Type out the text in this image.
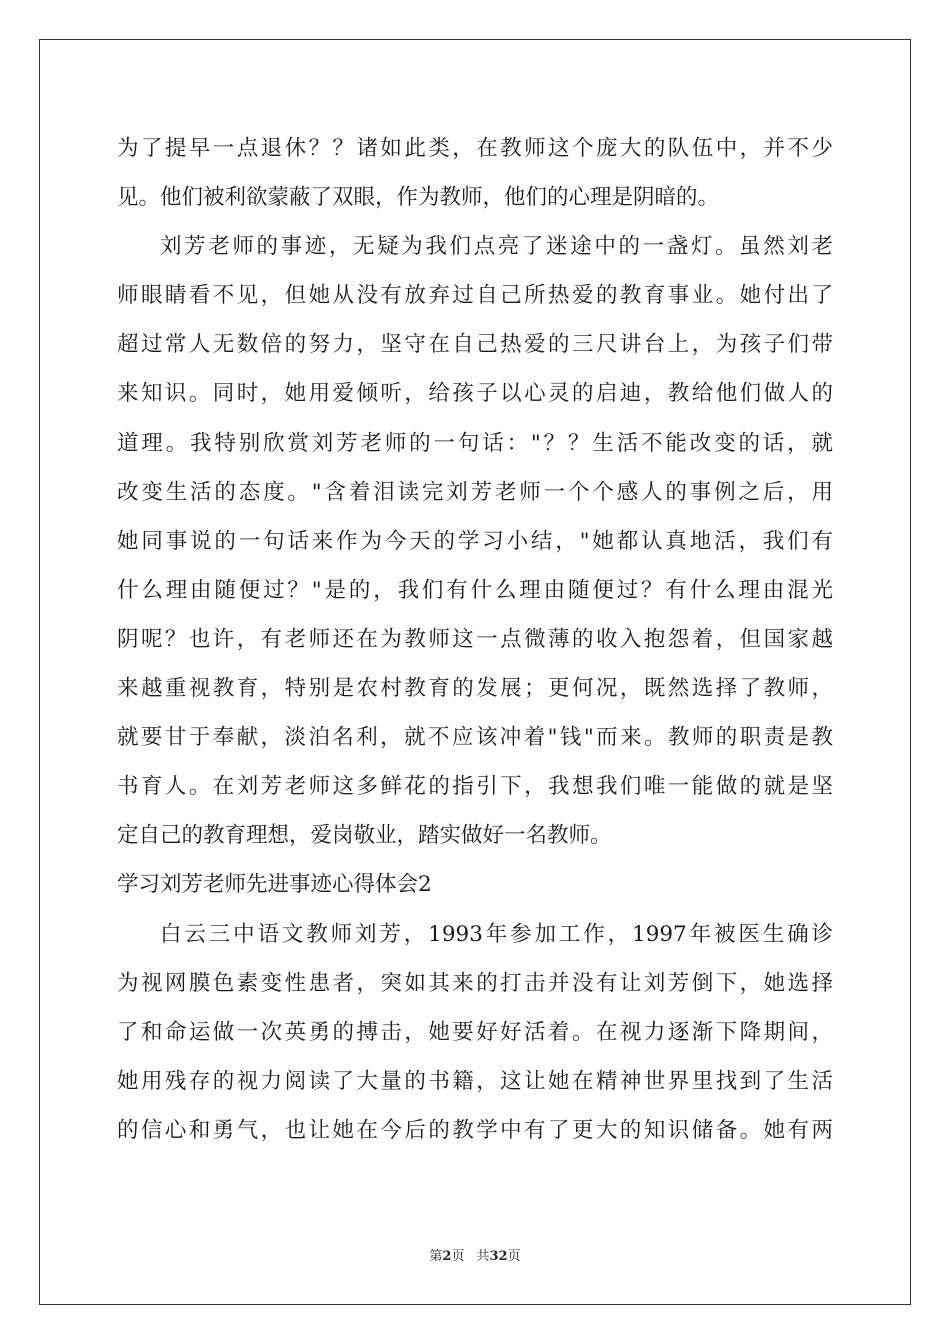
为了提早一点退休？？诸如此类，在教师这个庞大的队伍中，并不少
见。他们被利欲蒙蔽了双眼，作为教师，他们的心理是阴暗的。
刘芳老师的事迹，无疑为我们点亮了迷途中的一盏灯。虽然刘老
师眼睛看不见，但她从没有放弃过自己所热爱的教育事业。她付出了
超过常人无数倍的努力，坚守在自己热爱的三尺讲台上，为孩子们带
来知识。同时，她用爱倾听，给孩子以心灵的启迪，教给他们做人的
道理。我特别欣赏刘芳老师的一句话："？？生活不能改变的话，就
改变生活的态度。"含着泪读完刘芳老师一个个感人的事例之后，用
她同事说的一句话来作为今天的学习小结，"她都认真地活，我们有
什么理由随便过？"是的，我们有什么理由随便过？有什么理由混光
阴呢？也许，有老师还在为教师这一点微薄的收入抱怨着，但国家越
来越重视教育，特别是农村教育的发展；更何况，既然选择了教师，
就要甘于奉献，淡泊名利，就不应该冲着"钱"而来。教师的职责是教
书育人。在刘芳老师这多鲜花的指引下，我想我们唯一能做的就是坚
定自己的教育理想，爱岗敬业，踏实做好一名教师。
学习刘芳老师先进事迹心得体会2
白云三中语文教师刘芳，1993年参加工作，1997年被医生确诊
为视网膜色素变性患者，突如其来的打击并没有让刘芳倒下，她选择
了和命运做一次英勇的搏击，她要好好活着。在视力逐渐下降期间，
她用残存的视力阅读了大量的书籍，这让她在精神世界里找到了生活
的信心和勇气，也让她在今后的教学中有了更大的知识储备。她有两
第2页 共32页
